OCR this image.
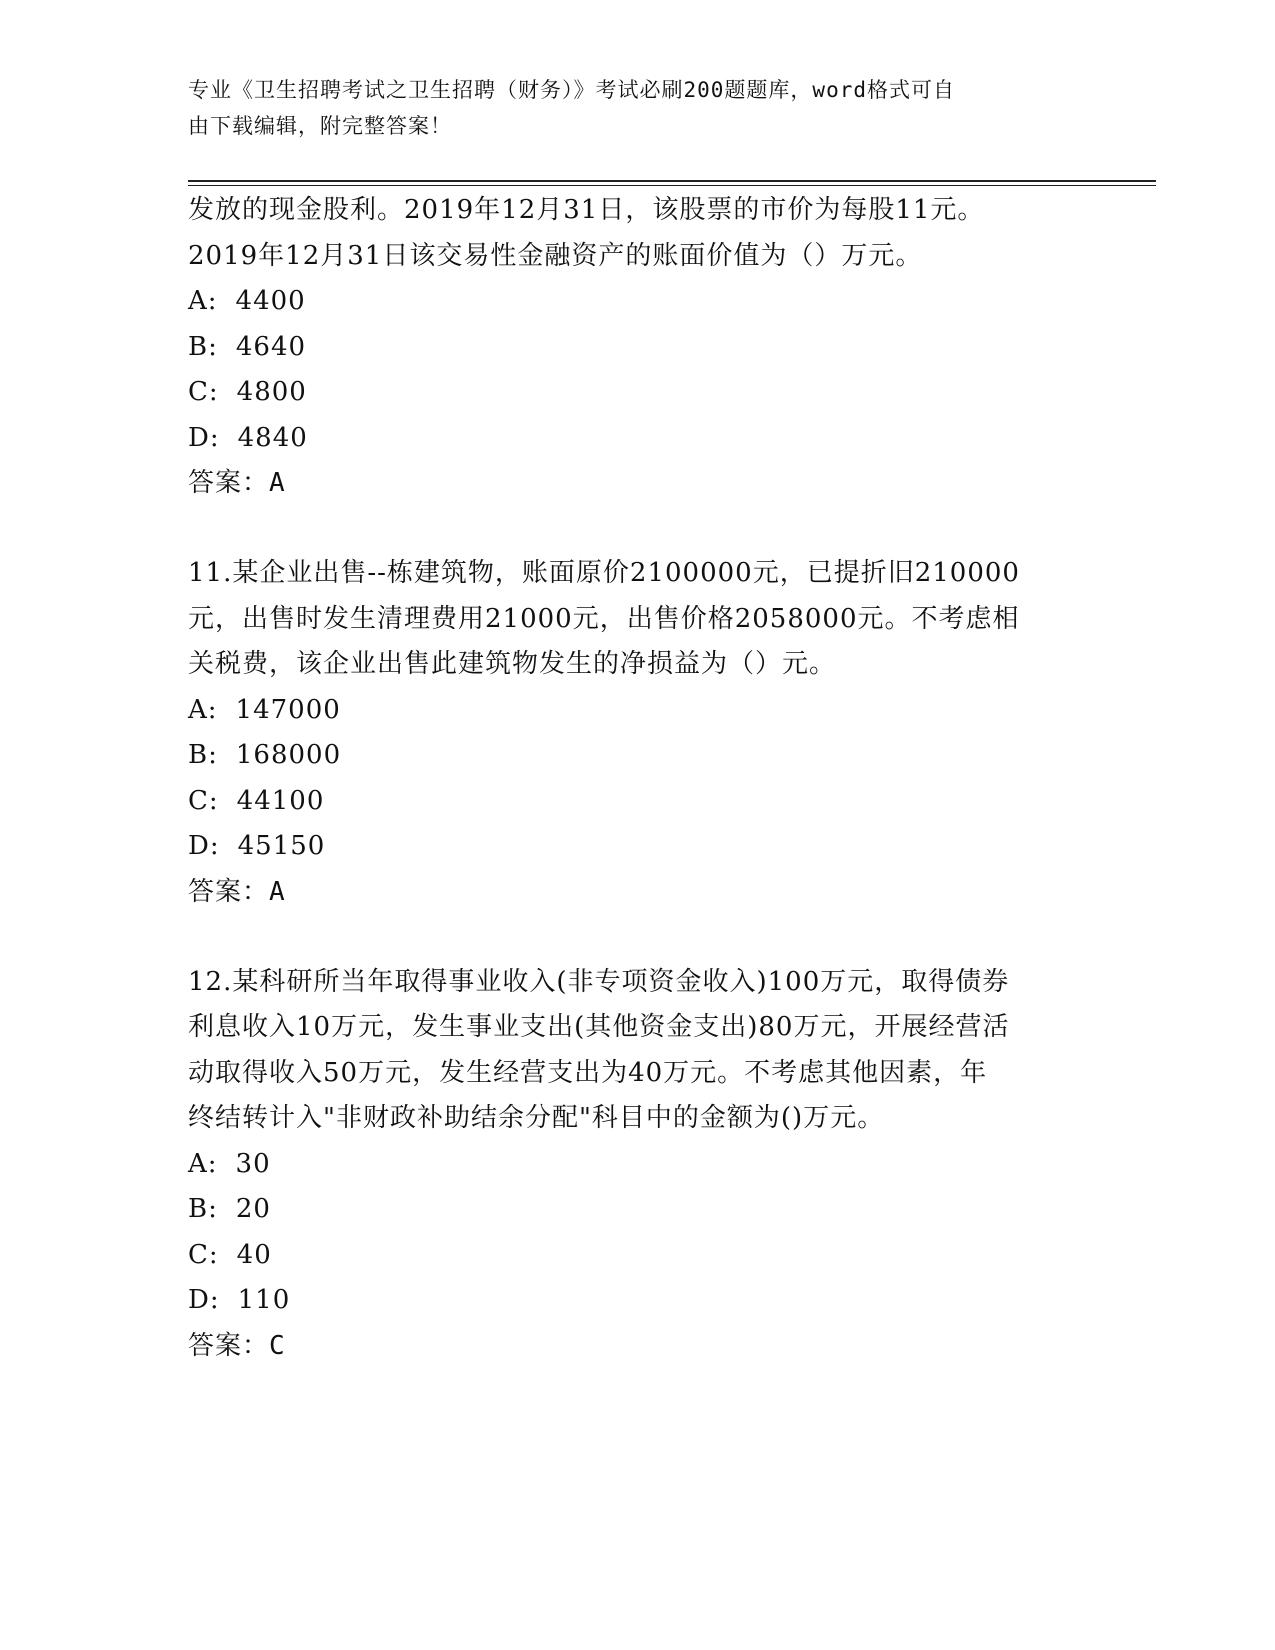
专业《卫生招聘考试之卫生招聘（财务）》考试必刷200题题库，word格式可自
由下载编辑，附完整答案！

发放的现金股利。2019年12月31日，该股票的市价为每股11元。

2019年12月31日该交易性金融资产的账面价值为（）万元。

A: 4400

B: 4640

C: 4800

D: 4840

答案：A

11.某企业出售--栋建筑物，账面原价2100000元，已提折旧210000

元，出售时发生清理费用21000元，出售价格2058000元。不考虑相

关税费，该企业出售此建筑物发生的净损益为（）元。

A: 147000

B: 168000

C: 44100

D: 45150

答案：A

12.某科研所当年取得事业收入(非专项资金收入)100万元，取得债券

利息收入10万元，发生事业支出(其他资金支出)80万元，开展经营活

动取得收入50万元，发生经营支出为40万元。不考虑其他因素，年

终结转计入"非财政补助结余分配"科目中的金额为()万元。

A: 30

B: 20

C: 40

D: 110

答案：C
